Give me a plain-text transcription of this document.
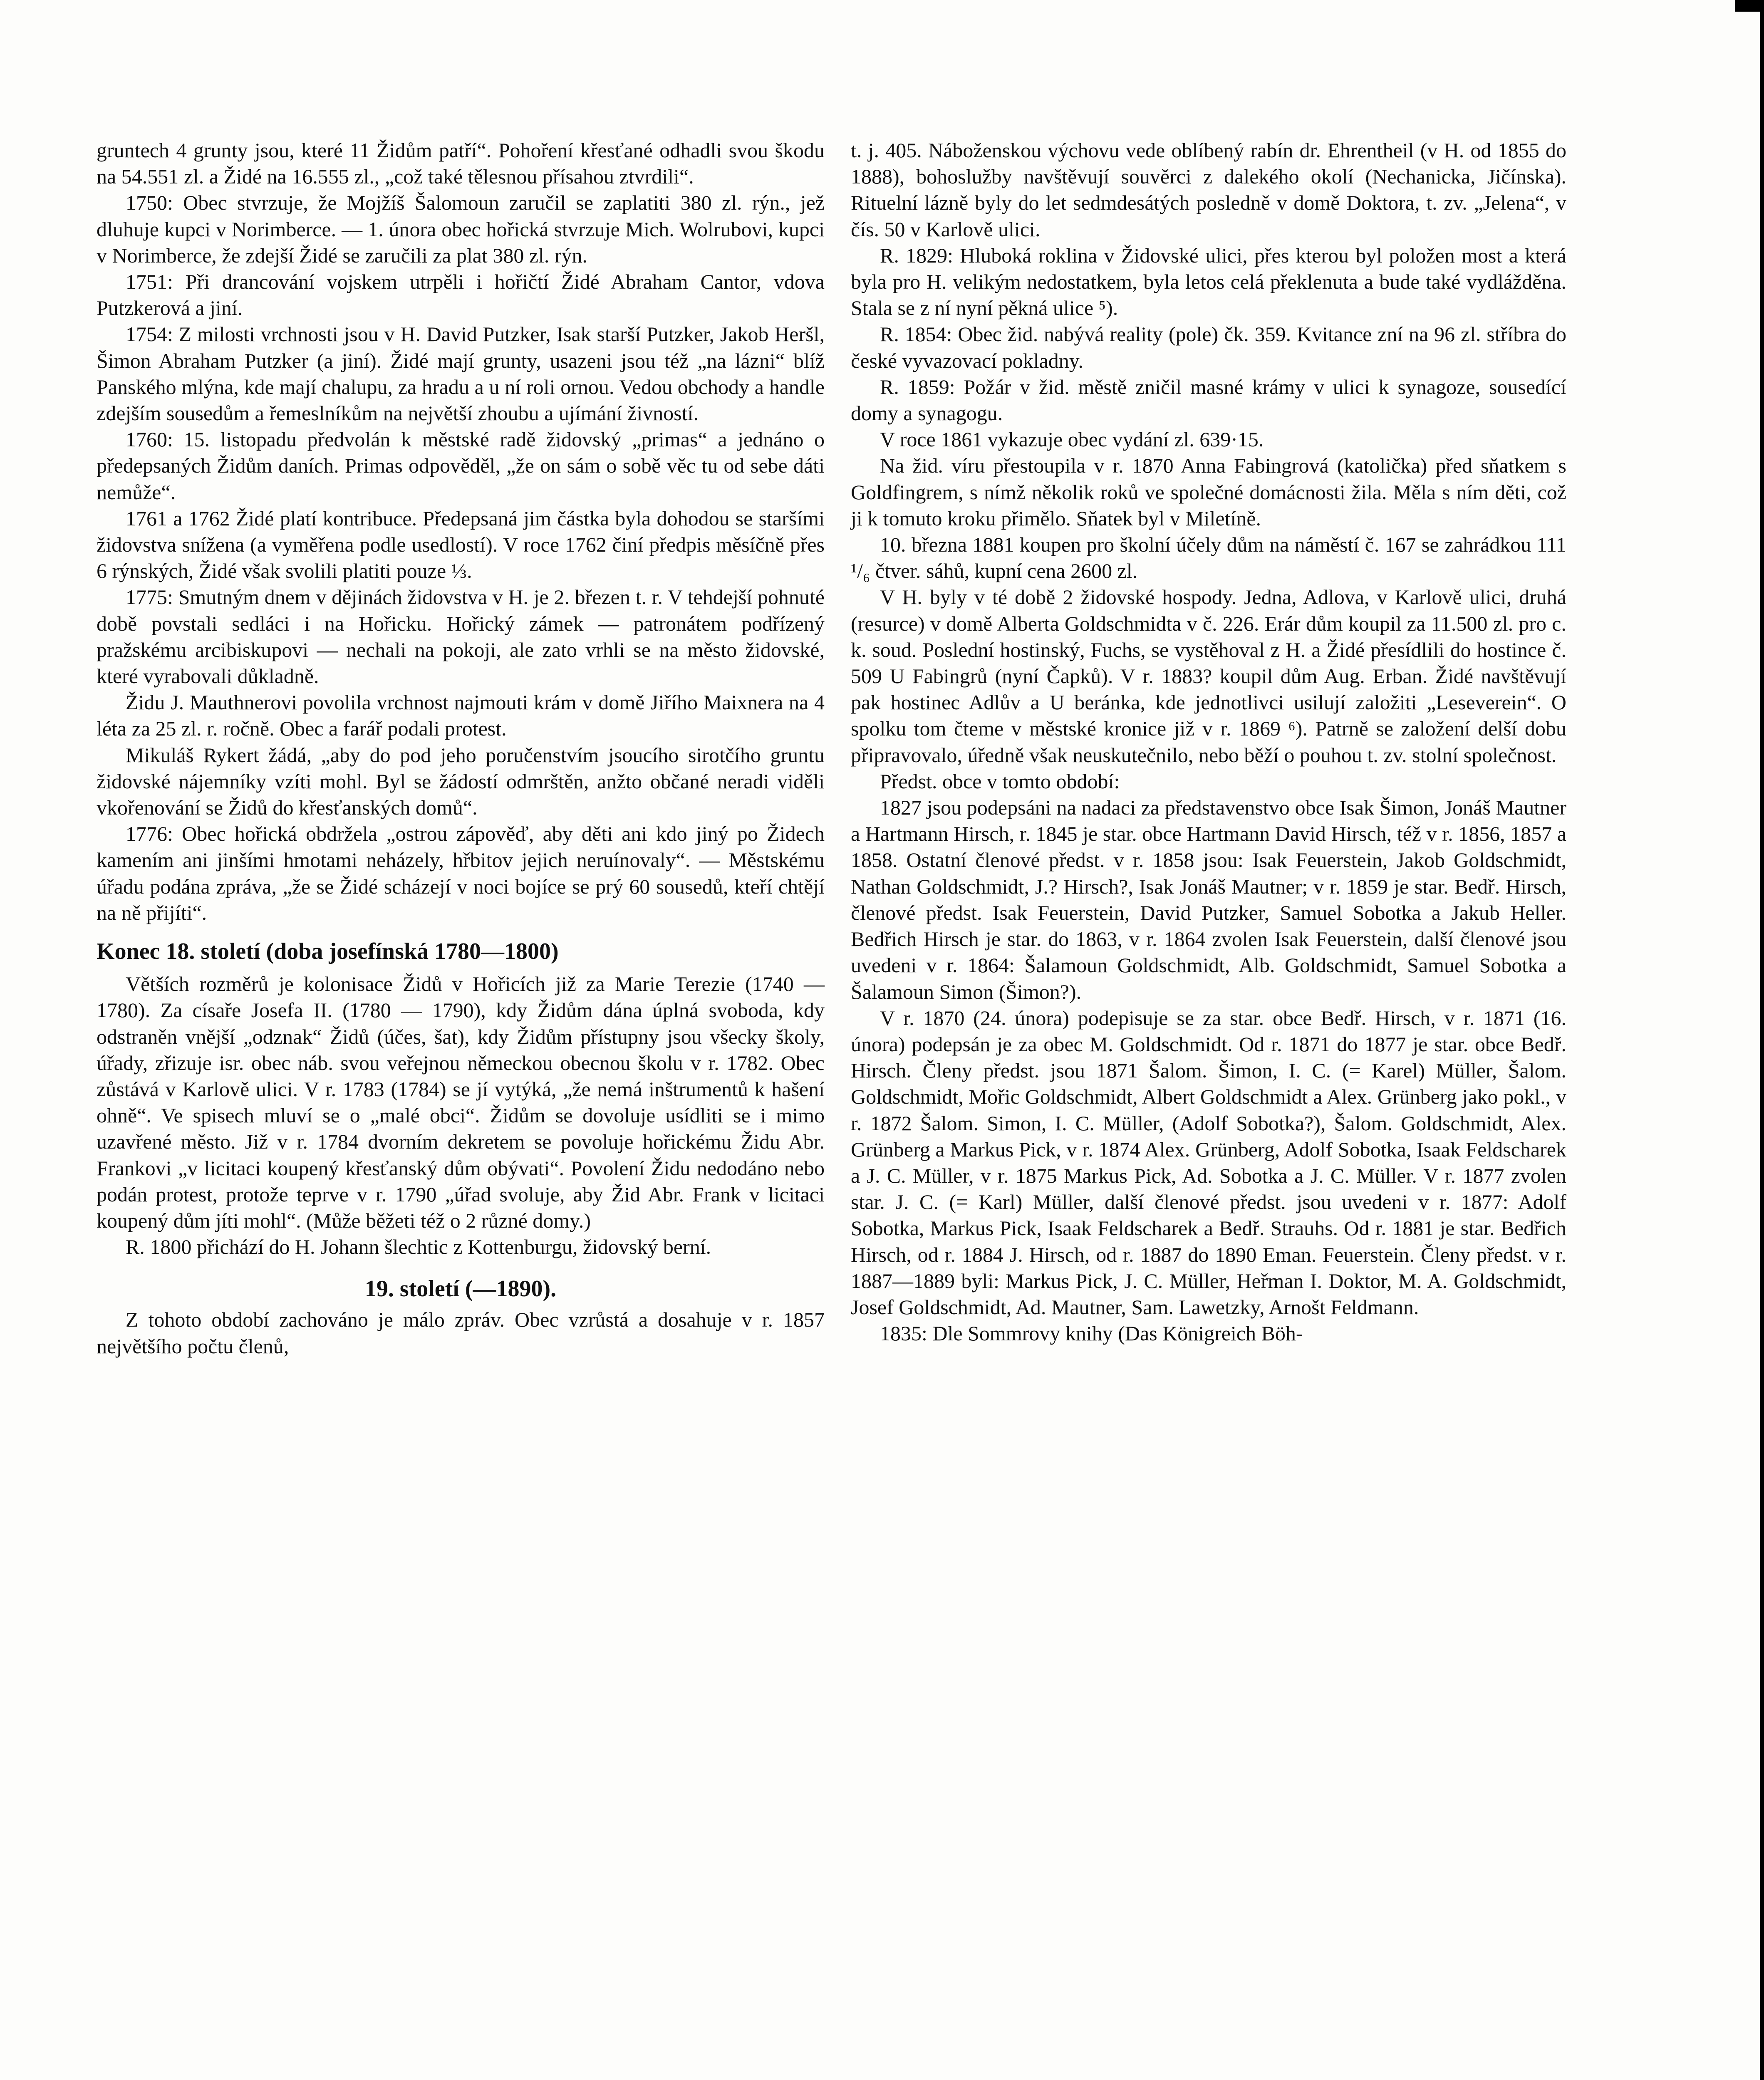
gruntech 4 grunty jsou, které 11 Židům patří“. Pohoření křesťané odhadli svou škodu na 54.551 zl. a Židé na 16.555 zl., „což také tělesnou přísahou ztvrdili“.

1750: Obec stvrzuje, že Mojžíš Šalomoun zaručil se zaplatiti 380 zl. rýn., jež dluhuje kupci v Norimberce. — 1. února obec hořická stvrzuje Mich. Wolrubovi, kupci v Norimberce, že zdejší Židé se zaručili za plat 380 zl. rýn.

1751: Při drancování vojskem utrpěli i hořičtí Židé Abraham Cantor, vdova Putzkerová a jiní.

1754: Z milosti vrchnosti jsou v H. David Putzker, Isak starší Putzker, Jakob Heršl, Šimon Abraham Putzker (a jiní). Židé mají grunty, usazeni jsou též „na lázni“ blíž Panského mlýna, kde mají chalupu, za hradu a u ní roli ornou. Vedou obchody a handle zdejším sousedům a řemeslníkům na největší zhoubu a ujímání živností.

1760: 15. listopadu předvolán k městské radě židovský „primas“ a jednáno o předepsaných Židům daních. Primas odpověděl, „že on sám o sobě věc tu od sebe dáti nemůže“.

1761 a 1762 Židé platí kontribuce. Předepsaná jim částka byla dohodou se staršími židovstva snížena (a vyměřena podle usedlostí). V roce 1762 činí předpis měsíčně přes 6 rýnských, Židé však svolili platiti pouze ⅓.

1775: Smutným dnem v dějinách židovstva v H. je 2. březen t. r. V tehdejší pohnuté době povstali sedláci i na Hořicku. Hořický zámek — patronátem podřízený pražskému arcibiskupovi — nechali na pokoji, ale zato vrhli se na město židovské, které vyrabovali důkladně.

Židu J. Mauthnerovi povolila vrchnost najmouti krám v domě Jiřího Maixnera na 4 léta za 25 zl. r. ročně. Obec a farář podali protest.

Mikuláš Rykert žádá, „aby do pod jeho poručenstvím jsoucího sirotčího gruntu židovské nájemníky vzíti mohl. Byl se žádostí odmrštěn, anžto občané neradi viděli vkořenování se Židů do křesťanských domů“.

1776: Obec hořická obdržela „ostrou zápověď, aby děti ani kdo jiný po Židech kamením ani jinšími hmotami neházely, hřbitov jejich neruínovaly“. — Městskému úřadu podána zpráva, „že se Židé scházejí v noci bojíce se prý 60 sousedů, kteří chtějí na ně přijíti“.

Konec 18. století (doba josefínská 1780—1800)

Větších rozměrů je kolonisace Židů v Hořicích již za Marie Terezie (1740 — 1780). Za císaře Josefa II. (1780 — 1790), kdy Židům dána úplná svoboda, kdy odstraněn vnější „odznak“ Židů (účes, šat), kdy Židům přístupny jsou všecky školy, úřady, zřizuje isr. obec náb. svou veřejnou německou obecnou školu v r. 1782. Obec zůstává v Karlově ulici. V r. 1783 (1784) se jí vytýká, „že nemá inštrumentů k hašení ohně“. Ve spisech mluví se o „malé obci“. Židům se dovoluje usídliti se i mimo uzavřené město. Již v r. 1784 dvorním dekretem se povoluje hořickému Židu Abr. Frankovi „v licitaci koupený křesťanský dům obývati“. Povolení Židu nedodáno nebo podán protest, protože teprve v r. 1790 „úřad svoluje, aby Žid Abr. Frank v licitaci koupený dům jíti mohl“. (Může běžeti též o 2 různé domy.)

R. 1800 přichází do H. Johann šlechtic z Kottenburgu, židovský berní.

19. století (—1890).

Z tohoto období zachováno je málo zpráv. Obec vzrůstá a dosahuje v r. 1857 největšího počtu členů,

t. j. 405. Náboženskou výchovu vede oblíbený rabín dr. Ehrentheil (v H. od 1855 do 1888), bohoslužby navštěvují souvěrci z dalekého okolí (Nechanicka, Jičínska). Rituelní lázně byly do let sedmdesátých posledně v domě Doktora, t. zv. „Jelena“, v čís. 50 v Karlově ulici.

R. 1829: Hluboká roklina v Židovské ulici, přes kterou byl položen most a která byla pro H. velikým nedostatkem, byla letos celá překlenuta a bude také vydlážděna. Stala se z ní nyní pěkná ulice ⁵).

R. 1854: Obec žid. nabývá reality (pole) čk. 359. Kvitance zní na 96 zl. stříbra do české vyvazovací pokladny.

R. 1859: Požár v žid. městě zničil masné krámy v ulici k synagoze, sousedící domy a synagogu.

V roce 1861 vykazuje obec vydání zl. 639·15.

Na žid. víru přestoupila v r. 1870 Anna Fabingrová (katolička) před sňatkem s Goldfingrem, s nímž několik roků ve společné domácnosti žila. Měla s ním děti, což ji k tomuto kroku přimělo. Sňatek byl v Miletíně.

10. března 1881 koupen pro školní účely dům na náměstí č. 167 se zahrádkou 111 ¹/₆ čtver. sáhů, kupní cena 2600 zl.

V H. byly v té době 2 židovské hospody. Jedna, Adlova, v Karlově ulici, druhá (resurce) v domě Alberta Goldschmidta v č. 226. Erár dům koupil za 11.500 zl. pro c. k. soud. Poslední hostinský, Fuchs, se vystěhoval z H. a Židé přesídlili do hostince č. 509 U Fabingrů (nyní Čapků). V r. 1883? koupil dům Aug. Erban. Židé navštěvují pak hostinec Adlův a U beránka, kde jednotlivci usilují založiti „Leseverein“. O spolku tom čteme v městské kronice již v r. 1869 ⁶). Patrně se založení delší dobu připravovalo, úředně však neuskutečnilo, nebo běží o pouhou t. zv. stolní společnost.

Předst. obce v tomto období:

1827 jsou podepsáni na nadaci za představenstvo obce Isak Šimon, Jonáš Mautner a Hartmann Hirsch, r. 1845 je star. obce Hartmann David Hirsch, též v r. 1856, 1857 a 1858. Ostatní členové předst. v r. 1858 jsou: Isak Feuerstein, Jakob Goldschmidt, Nathan Goldschmidt, J.? Hirsch?, Isak Jonáš Mautner; v r. 1859 je star. Bedř. Hirsch, členové předst. Isak Feuerstein, David Putzker, Samuel Sobotka a Jakub Heller. Bedřich Hirsch je star. do 1863, v r. 1864 zvolen Isak Feuerstein, další členové jsou uvedeni v r. 1864: Šalamoun Goldschmidt, Alb. Goldschmidt, Samuel Sobotka a Šalamoun Simon (Šimon?).

V r. 1870 (24. února) podepisuje se za star. obce Bedř. Hirsch, v r. 1871 (16. února) podepsán je za obec M. Goldschmidt. Od r. 1871 do 1877 je star. obce Bedř. Hirsch. Členy předst. jsou 1871 Šalom. Šimon, I. C. (= Karel) Müller, Šalom. Goldschmidt, Mořic Goldschmidt, Albert Goldschmidt a Alex. Grünberg jako pokl., v r. 1872 Šalom. Simon, I. C. Müller, (Adolf Sobotka?), Šalom. Goldschmidt, Alex. Grünberg a Markus Pick, v r. 1874 Alex. Grünberg, Adolf Sobotka, Isaak Feldscharek a J. C. Müller, v r. 1875 Markus Pick, Ad. Sobotka a J. C. Müller. V r. 1877 zvolen star. J. C. (= Karl) Müller, další členové předst. jsou uvedeni v r. 1877: Adolf Sobotka, Markus Pick, Isaak Feldscharek a Bedř. Strauhs. Od r. 1881 je star. Bedřich Hirsch, od r. 1884 J. Hirsch, od r. 1887 do 1890 Eman. Feuerstein. Členy předst. v r. 1887—1889 byli: Markus Pick, J. C. Müller, Heřman I. Doktor, M. A. Goldschmidt, Josef Goldschmidt, Ad. Mautner, Sam. Lawetzky, Arnošt Feldmann.

1835: Dle Sommrovy knihy (Das Königreich Böh-
